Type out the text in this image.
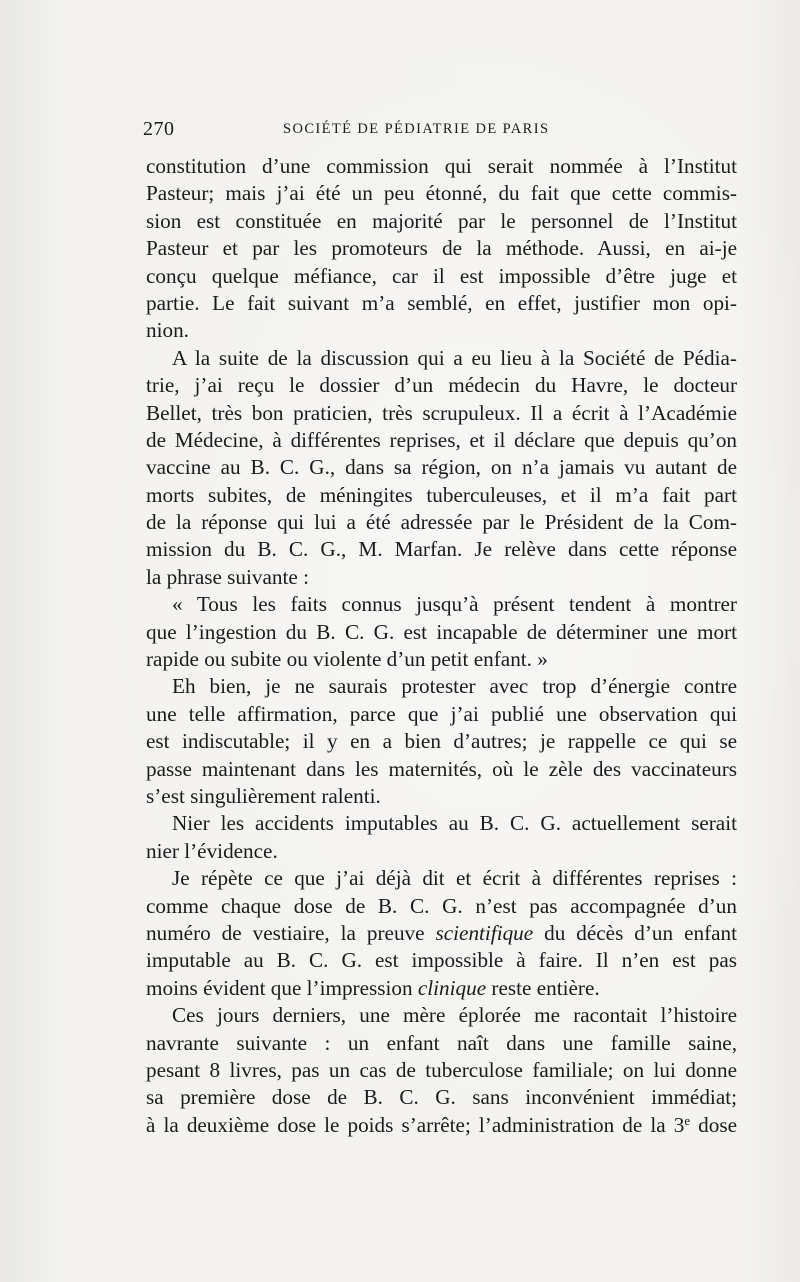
270	SOCIÉTÉ DE PÉDIATRIE DE PARIS
constitution d’une commission qui serait nommée à l’Institut
Pasteur; mais j’ai été un peu étonné, du fait que cette commis-
sion est constituée en majorité par le personnel de l’Institut
Pasteur et par les promoteurs de la méthode. Aussi, en ai-je
conçu quelque méfiance, car il est impossible d’être juge et
partie. Le fait suivant m’a semblé, en effet, justifier mon opi-
nion.
A la suite de la discussion qui a eu lieu à la Société de Pédia-
trie, j’ai reçu le dossier d’un médecin du Havre, le docteur
Bellet, très bon praticien, très scrupuleux. Il a écrit à l’Académie
de Médecine, à différentes reprises, et il déclare que depuis qu’on
vaccine au B. C. G., dans sa région, on n’a jamais vu autant de
morts subites, de méningites tuberculeuses, et il m’a fait part
de la réponse qui lui a été adressée par le Président de la Com-
mission du B. C. G., M. Marfan. Je relève dans cette réponse
la phrase suivante :
« Tous les faits connus jusqu’à présent tendent à montrer
que l’ingestion du B. C. G. est incapable de déterminer une mort
rapide ou subite ou violente d’un petit enfant. »
Eh bien, je ne saurais protester avec trop d’énergie contre
une telle affirmation, parce que j’ai publié une observation qui
est indiscutable; il y en a bien d’autres; je rappelle ce qui se
passe maintenant dans les maternités, où le zèle des vaccinateurs
s’est singulièrement ralenti.
Nier les accidents imputables au B. C. G. actuellement serait
nier l’évidence.
Je répète ce que j’ai déjà dit et écrit à différentes reprises :
comme chaque dose de B. C. G. n’est pas accompagnée d’un
numéro de vestiaire, la preuve scientifique du décès d’un enfant
imputable au B. C. G. est impossible à faire. Il n’en est pas
moins évident que l’impression clinique reste entière.
Ces jours derniers, une mère éplorée me racontait l’histoire
navrante suivante : un enfant naît dans une famille saine,
pesant 8 livres, pas un cas de tuberculose familiale; on lui donne
sa première dose de B. C. G. sans inconvénient immédiat;
à la deuxième dose le poids s’arrête; l’administration de la 3e dose
